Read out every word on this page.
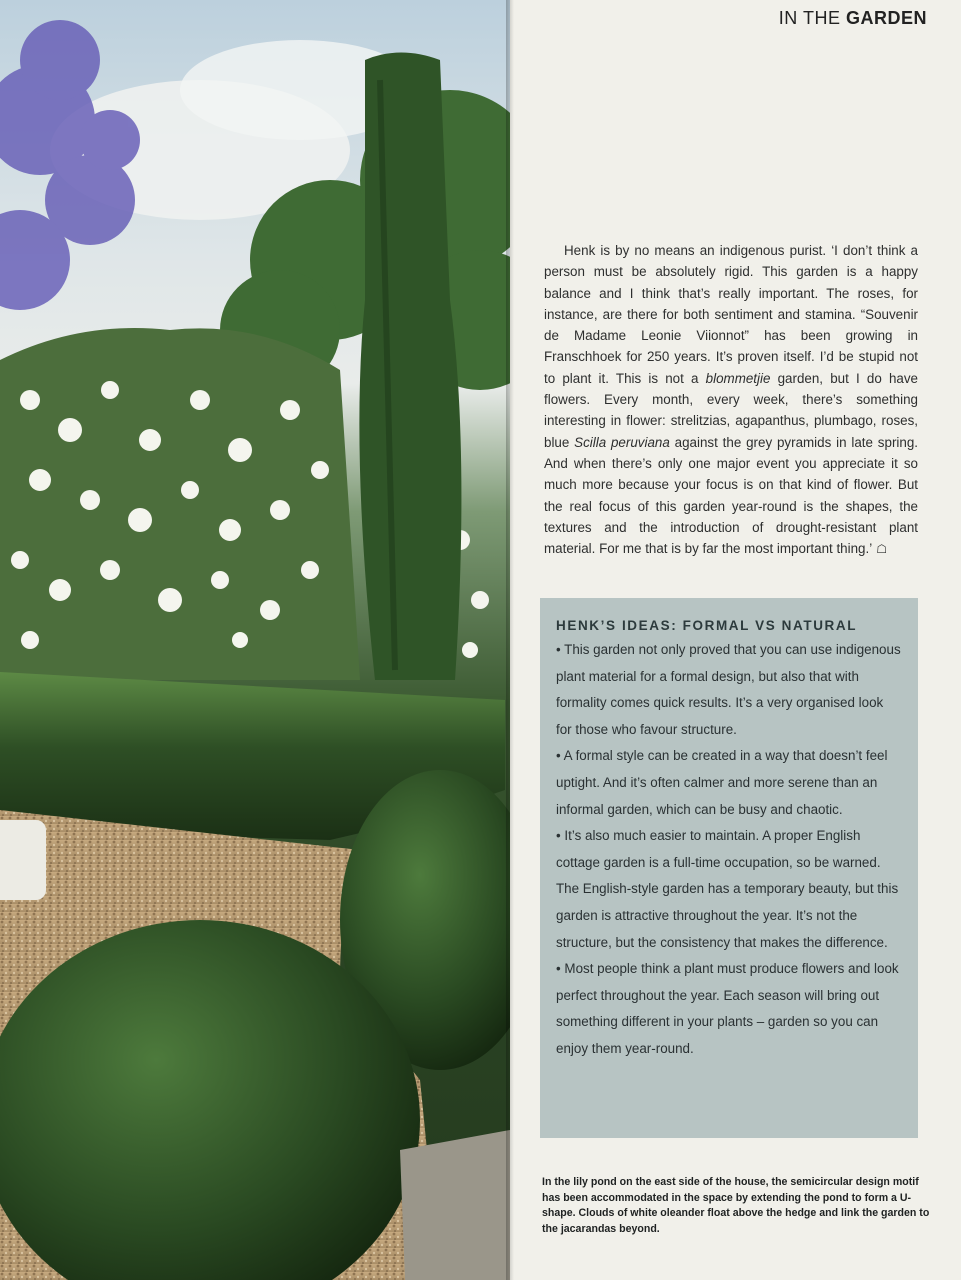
IN THE GARDEN

Henk is by no means an indigenous purist. ‘I don’t think a person must be absolutely rigid. This garden is a happy balance and I think that’s really important. The roses, for instance, are there for both sentiment and stamina. “Souvenir de Madame Leonie Viionnot” has been growing in Franschhoek for 250 years. It’s proven itself. I’d be stupid not to plant it. This is not a blommetjie garden, but I do have flowers. Every month, every week, there’s something interesting in flower: strelitzias, agapanthus, plumbago, roses, blue Scilla peruviana against the grey pyramids in late spring. And when there’s only one major event you appreciate it so much more because your focus is on that kind of flower. But the real focus of this garden year-round is the shapes, the textures and the introduction of drought-resistant plant material. For me that is by far the most important thing.’ ☖

HENK’S IDEAS: FORMAL VS NATURAL

• This garden not only proved that you can use indigenous plant material for a formal design, but also that with formality comes quick results. It’s a very organised look for those who favour structure.

• A formal style can be created in a way that doesn’t feel uptight. And it’s often calmer and more serene than an informal garden, which can be busy and chaotic.

• It’s also much easier to maintain. A proper English cottage garden is a full-time occupation, so be warned. The English-style garden has a temporary beauty, but this garden is attractive throughout the year. It’s not the structure, but the consistency that makes the difference.

• Most people think a plant must produce flowers and look perfect throughout the year. Each season will bring out something different in your plants – garden so you can enjoy them year-round.

In the lily pond on the east side of the house, the semicircular design motif has been accommodated in the space by extending the pond to form a U-shape. Clouds of white oleander float above the hedge and link the garden to the jacarandas beyond.
